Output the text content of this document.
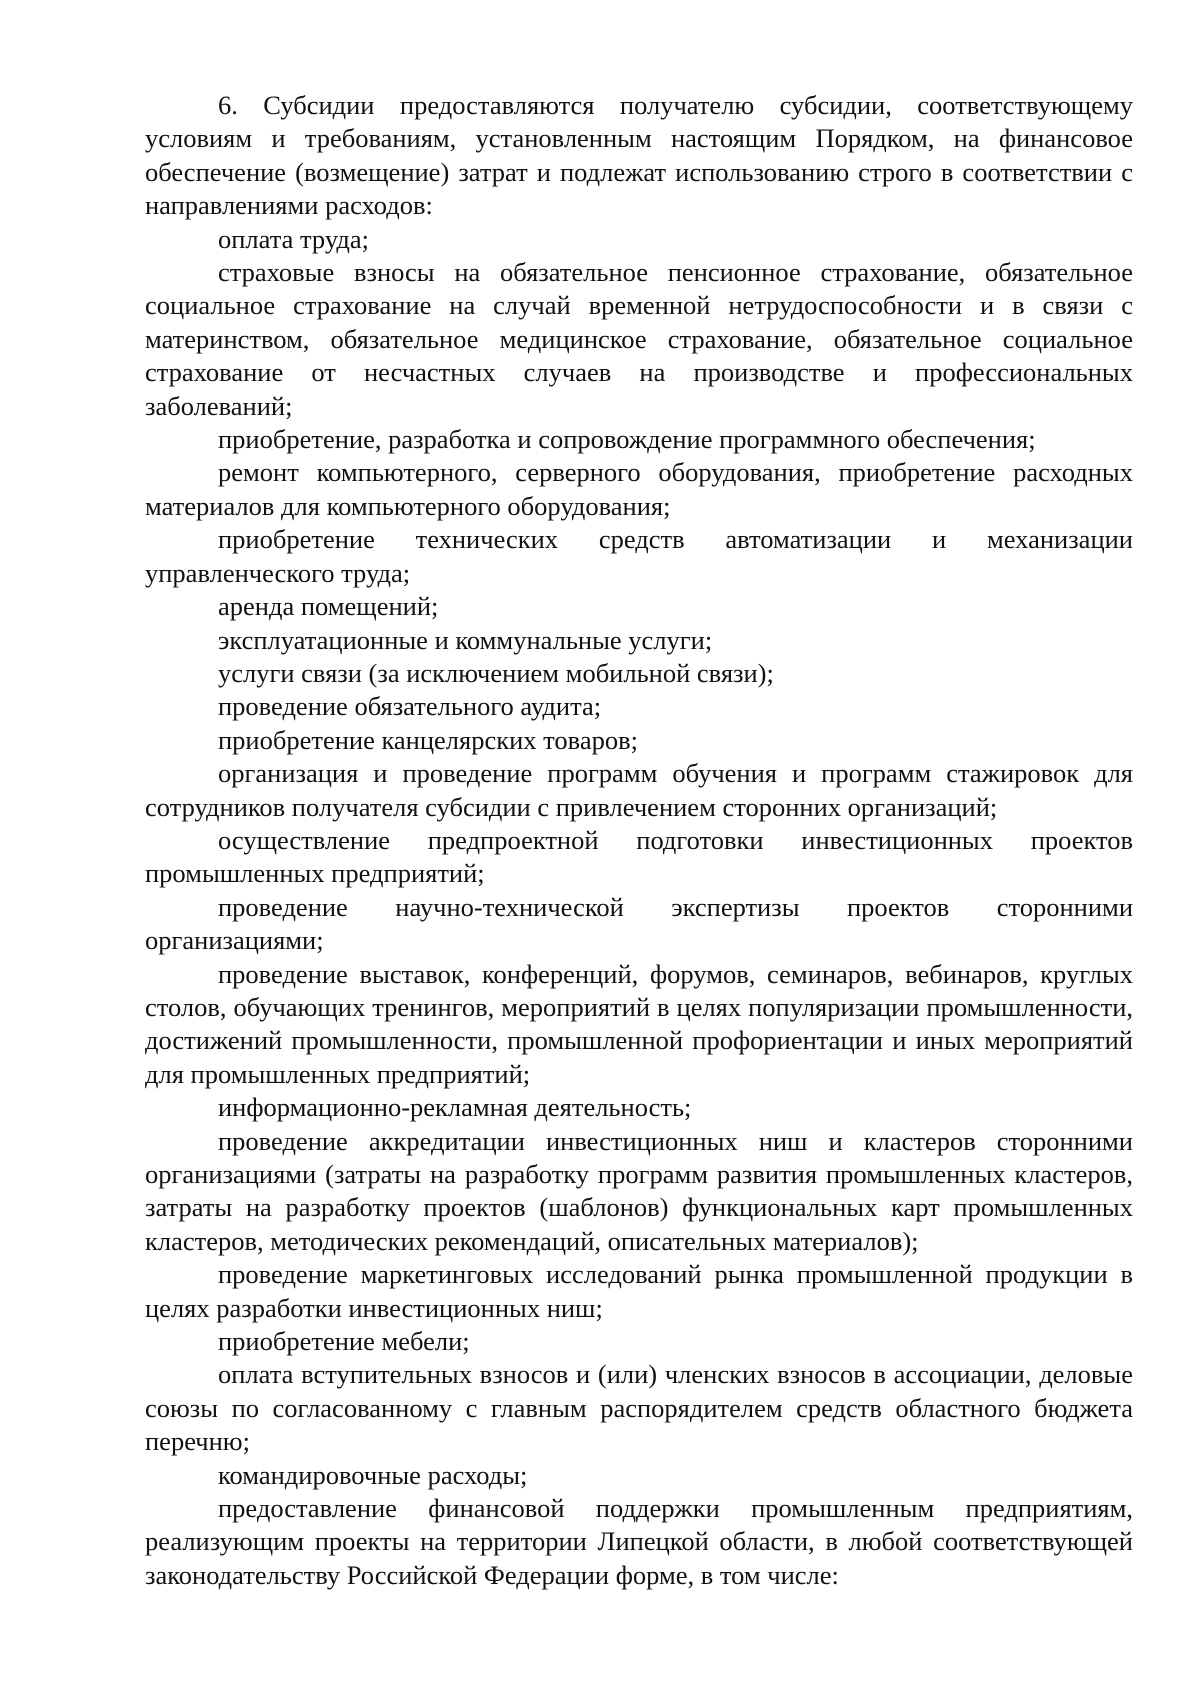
6. Субсидии предоставляются получателю субсидии, соответствующему условиям и требованиям, установленным настоящим Порядком, на финансовое обеспечение (возмещение) затрат и подлежат использованию строго в соответствии с направлениями расходов:

оплата труда;

страховые взносы на обязательное пенсионное страхование, обязательное социальное страхование на случай временной нетрудоспособности и в связи с материнством, обязательное медицинское страхование, обязательное социальное страхование от несчастных случаев на производстве и профессиональных заболеваний;

приобретение, разработка и сопровождение программного обеспечения;

ремонт компьютерного, серверного оборудования, приобретение расходных материалов для компьютерного оборудования;

приобретение технических средств автоматизации и механизации управленческого труда;

аренда помещений;

эксплуатационные и коммунальные услуги;

услуги связи (за исключением мобильной связи);

проведение обязательного аудита;

приобретение канцелярских товаров;

организация и проведение программ обучения и программ стажировок для сотрудников получателя субсидии с привлечением сторонних организаций;

осуществление предпроектной подготовки инвестиционных проектов промышленных предприятий;

проведение научно-технической экспертизы проектов сторонними организациями;

проведение выставок, конференций, форумов, семинаров, вебинаров, круглых столов, обучающих тренингов, мероприятий в целях популяризации промышленности, достижений промышленности, промышленной профориентации и иных мероприятий для промышленных предприятий;

информационно-рекламная деятельность;

проведение аккредитации инвестиционных ниш и кластеров сторонними организациями (затраты на разработку программ развития промышленных кластеров, затраты на разработку проектов (шаблонов) функциональных карт промышленных кластеров, методических рекомендаций, описательных материалов);

проведение маркетинговых исследований рынка промышленной продукции в целях разработки инвестиционных ниш;

приобретение мебели;

оплата вступительных взносов и (или) членских взносов в ассоциации, деловые союзы по согласованному с главным распорядителем средств областного бюджета перечню;

командировочные расходы;

предоставление финансовой поддержки промышленным предприятиям, реализующим проекты на территории Липецкой области, в любой соответствующей законодательству Российской Федерации форме, в том числе:
